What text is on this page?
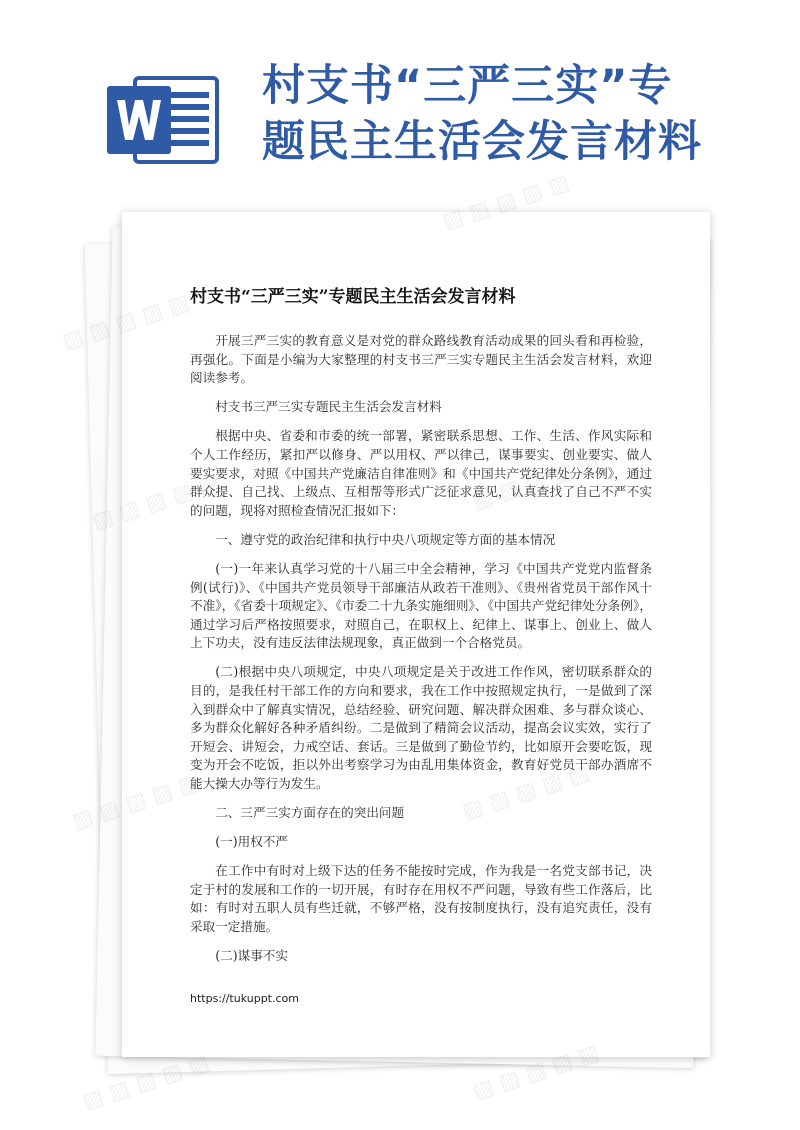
村支书“三严三实”专题民主生活会发言材料
村支书“三严三实”专题民主生活会发言材料

开展三严三实的教育意义是对党的群众路线教育活动成果的回头看和再检验，再强化。下面是小编为大家整理的村支书三严三实专题民主生活会发言材料，欢迎阅读参考。

村支书三严三实专题民主生活会发言材料

根据中央、省委和市委的统一部署，紧密联系思想、工作、生活、作风实际和个人工作经历，紧扣严以修身、严以用权、严以律己，谋事要实、创业要实、做人要实要求，对照《中国共产党廉洁自律准则》和《中国共产党纪律处分条例》，通过群众提、自己找、上级点、互相帮等形式广泛征求意见，认真查找了自己不严不实的问题，现将对照检查情况汇报如下：

一、遵守党的政治纪律和执行中央八项规定等方面的基本情况

(一)一年来认真学习党的十八届三中全会精神，学习《中国共产党党内监督条例(试行)》、《中国共产党员领导干部廉洁从政若干准则》、《贵州省党员干部作风十不准》，《省委十项规定》、《市委二十九条实施细则》、《中国共产党纪律处分条例》，通过学习后严格按照要求，对照自己，在职权上、纪律上、谋事上、创业上、做人上下功夫，没有违反法律法规现象，真正做到一个合格党员。

(二)根据中央八项规定，中央八项规定是关于改进工作作风，密切联系群众的目的，是我任村干部工作的方向和要求，我在工作中按照规定执行，一是做到了深入到群众中了解真实情况，总结经验、研究问题、解决群众困难、多与群众谈心、多为群众化解好各种矛盾纠纷。二是做到了精简会议活动，提高会议实效，实行了开短会、讲短会，力戒空话、套话。三是做到了勤俭节约，比如原开会要吃饭，现变为开会不吃饭，拒以外出考察学习为由乱用集体资金，教育好党员干部办酒席不能大操大办等行为发生。

二、三严三实方面存在的突出问题

(一)用权不严

在工作中有时对上级下达的任务不能按时完成，作为我是一名党支部书记，决定于村的发展和工作的一切开展，有时存在用权不严问题，导致有些工作落后，比如：有时对五职人员有些迁就，不够严格，没有按制度执行，没有追究责任，没有采取一定措施。

(二)谋事不实

https://tukuppt.com
▨
▨ ▨ ▨ ▨ ▨
▨
▨ ▨ ▨ ▨ ▨	▨ ▨ ▨ ▨ ▨
